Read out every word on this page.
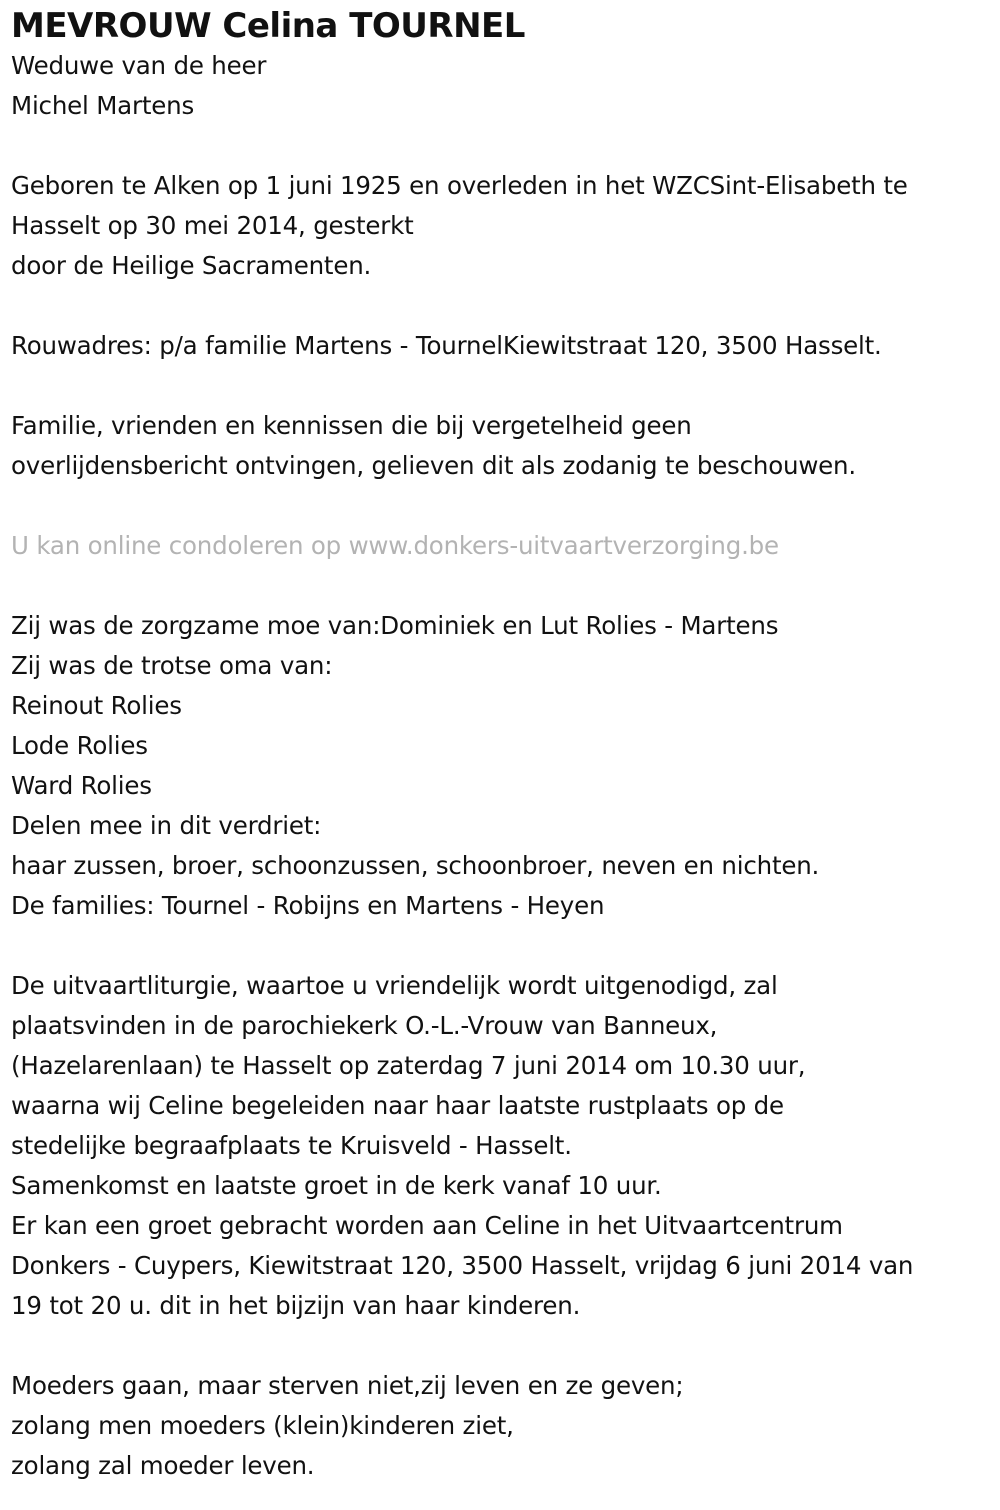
MEVROUW Celina TOURNEL
Weduwe van de heer
Michel Martens
Geboren te Alken op 1 juni 1925 en overleden in het WZCSint-Elisabeth te
Hasselt op 30 mei 2014, gesterkt
door de Heilige Sacramenten.
Rouwadres: p/a familie Martens - TournelKiewitstraat 120, 3500 Hasselt.
Familie, vrienden en kennissen die bij vergetelheid geen
overlijdensbericht ontvingen, gelieven dit als zodanig te beschouwen.
U kan online condoleren op www.donkers-uitvaartverzorging.be
Zij was de zorgzame moe van:Dominiek en Lut Rolies - Martens
Zij was de trotse oma van:
Reinout Rolies
Lode Rolies
Ward Rolies
Delen mee in dit verdriet:
haar zussen, broer, schoonzussen, schoonbroer, neven en nichten.
De families: Tournel - Robijns en Martens - Heyen
De uitvaartliturgie, waartoe u vriendelijk wordt uitgenodigd, zal
plaatsvinden in de parochiekerk O.-L.-Vrouw van Banneux,
(Hazelarenlaan) te Hasselt op zaterdag 7 juni 2014 om 10.30 uur,
waarna wij Celine begeleiden naar haar laatste rustplaats op de
stedelijke begraafplaats te Kruisveld - Hasselt.
Samenkomst en laatste groet in de kerk vanaf 10 uur.
Er kan een groet gebracht worden aan Celine in het Uitvaartcentrum
Donkers - Cuypers, Kiewitstraat 120, 3500 Hasselt, vrijdag 6 juni 2014 van
19 tot 20 u. dit in het bijzijn van haar kinderen.
Moeders gaan, maar sterven niet,zij leven en ze geven;
zolang men moeders (klein)kinderen ziet,
zolang zal moeder leven.
